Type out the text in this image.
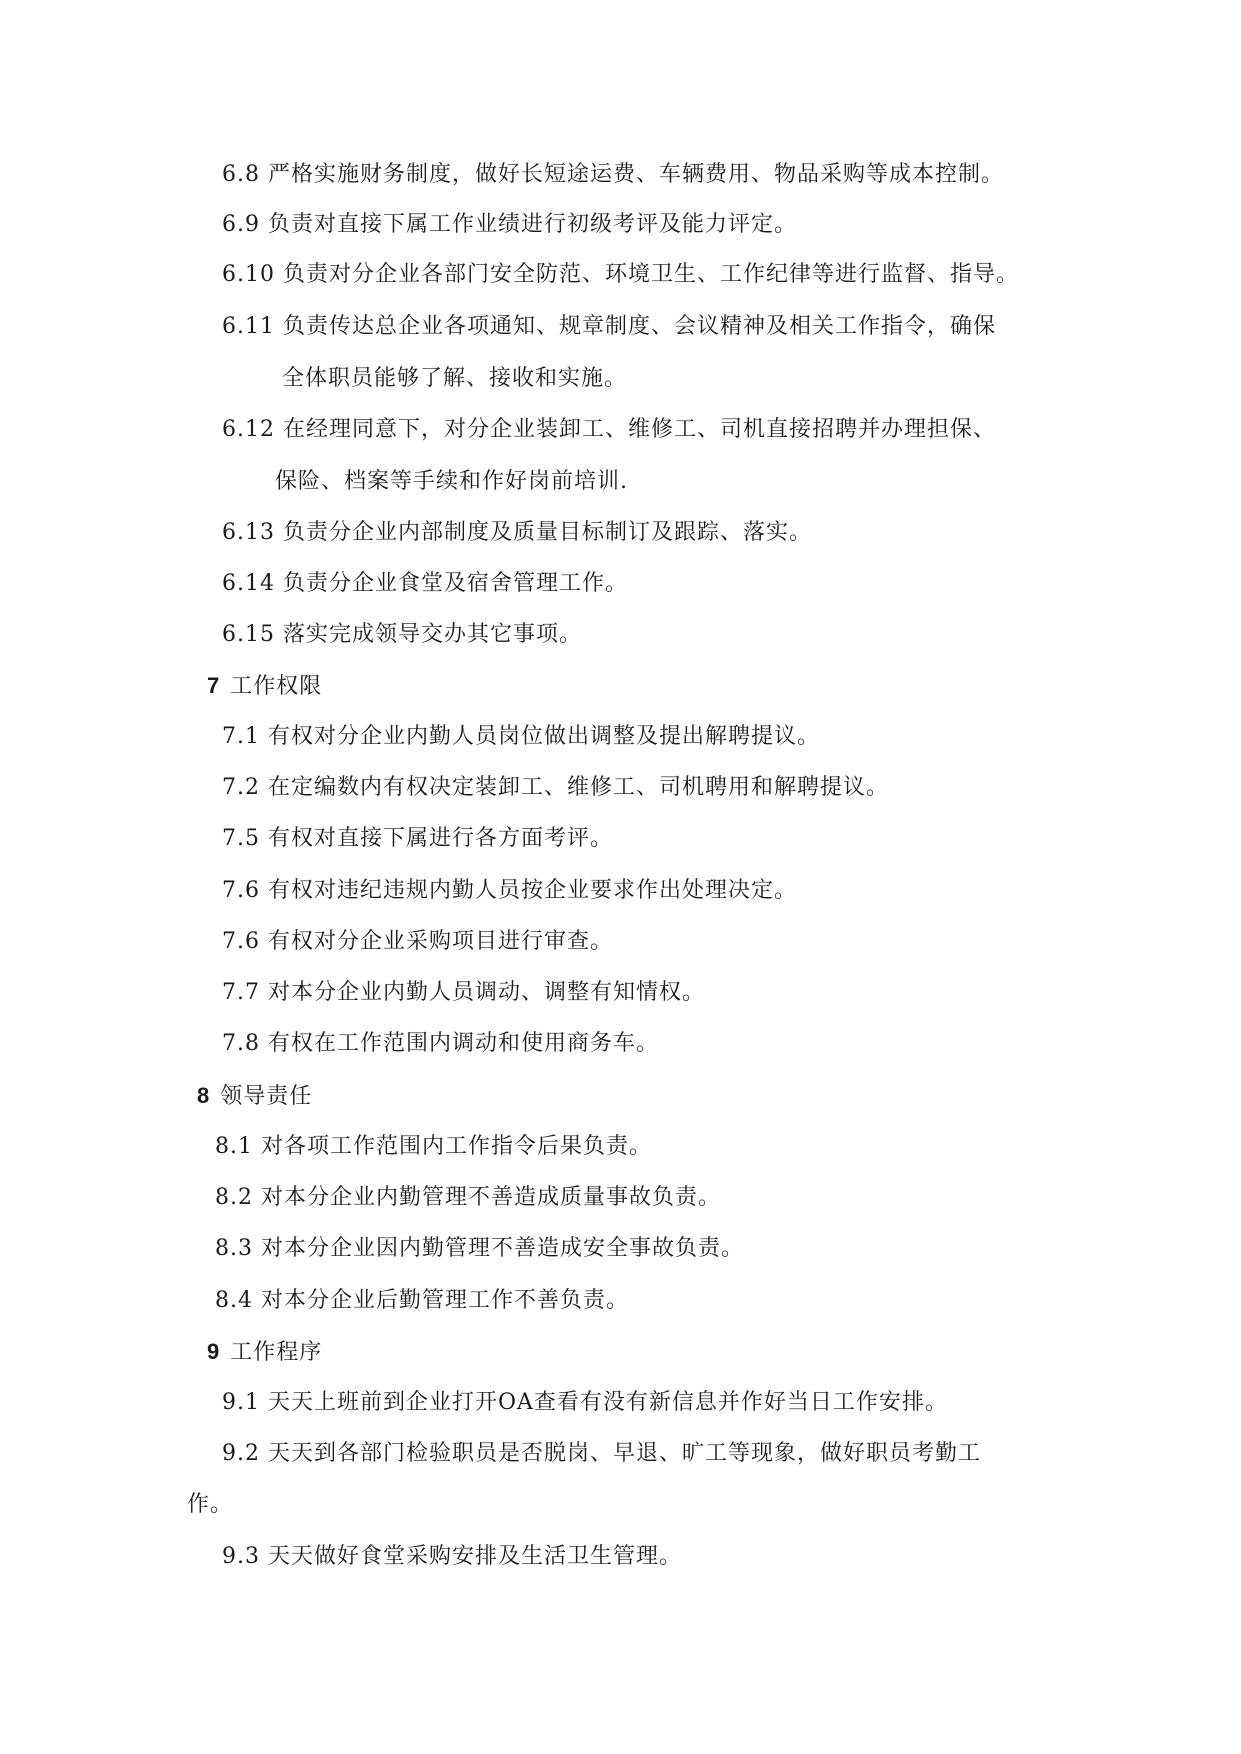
6.8 严格实施财务制度，做好长短途运费、车辆费用、物品采购等成本控制。
6.9 负责对直接下属工作业绩进行初级考评及能力评定。
6.10 负责对分企业各部门安全防范、环境卫生、工作纪律等进行监督、指导。
6.11 负责传达总企业各项通知、规章制度、会议精神及相关工作指令，确保
全体职员能够了解、接收和实施。
6.12 在经理同意下，对分企业装卸工、维修工、司机直接招聘并办理担保、
保险、档案等手续和作好岗前培训.
6.13 负责分企业内部制度及质量目标制订及跟踪、落实。
6.14 负责分企业食堂及宿舍管理工作。
6.15 落实完成领导交办其它事项。
7 工作权限
7.1 有权对分企业内勤人员岗位做出调整及提出解聘提议。
7.2 在定编数内有权决定装卸工、维修工、司机聘用和解聘提议。
7.5 有权对直接下属进行各方面考评。
7.6 有权对违纪违规内勤人员按企业要求作出处理决定。
7.6 有权对分企业采购项目进行审查。
7.7 对本分企业内勤人员调动、调整有知情权。
7.8 有权在工作范围内调动和使用商务车。
8 领导责任
8.1 对各项工作范围内工作指令后果负责。
8.2 对本分企业内勤管理不善造成质量事故负责。
8.3 对本分企业因内勤管理不善造成安全事故负责。
8.4 对本分企业后勤管理工作不善负责。
9 工作程序
9.1 天天上班前到企业打开OA查看有没有新信息并作好当日工作安排。
9.2 天天到各部门检验职员是否脱岗、早退、旷工等现象，做好职员考勤工
作。
9.3 天天做好食堂采购安排及生活卫生管理。
